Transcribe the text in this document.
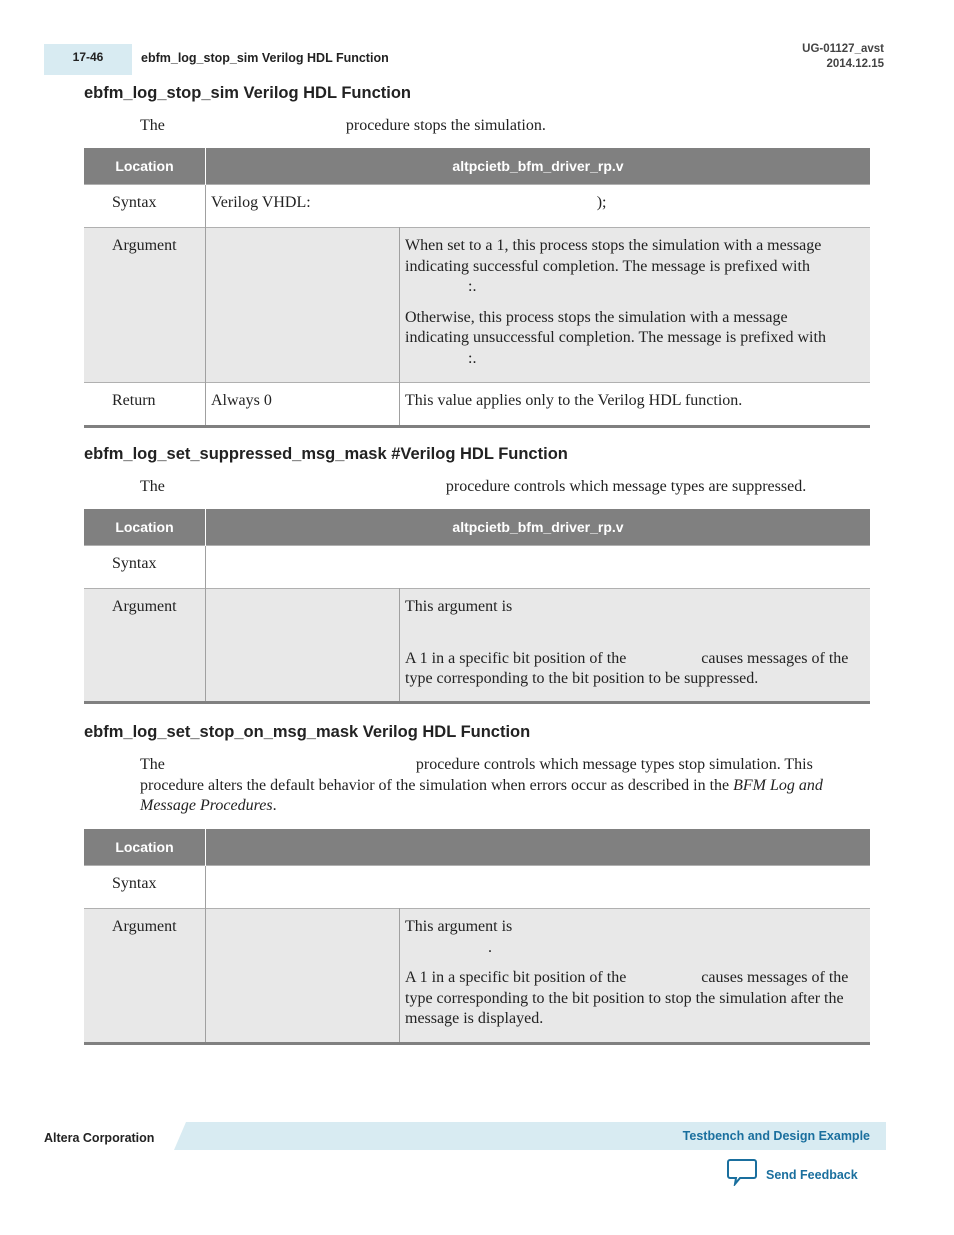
17-46	ebfm_log_stop_sim Verilog HDL Function
UG-01127_avst
2014.12.15
ebfm_log_stop_sim Verilog HDL Function
The	procedure stops the simulation.
Location	altpcietb_bfm_driver_rp.v	
Syntax	Verilog VHDL: );	
Argument		When set to a 1, this process stops the simulation with a message indicating successful completion. The message is prefixed with:.

Otherwise, this process stops the simulation with a message indicating unsuccessful completion. The message is prefixed with:.

Return	Always 0	This value applies only to the Verilog HDL function.
ebfm_log_set_suppressed_msg_mask #Verilog HDL Function
The	procedure controls which message types are suppressed.
Location	altpcietb_bfm_driver_rp.v	
Syntax		
Argument		This argument is

A 1 in a specific bit position of the causes messages of the type corresponding to the bit position to be suppressed.

ebfm_log_set_stop_on_msg_mask Verilog HDL Function
The	procedure controls which message types stop simulation. This procedure alters the default behavior of the simulation when errors occur as described in the BFM Log and Message Procedures.
Location		
Syntax		
Argument		This argument is
.

A 1 in a specific bit position of the causes messages of the type corresponding to the bit position to stop the simulation after the message is displayed.

Altera Corporation	Testbench and Design Example
Send Feedback
